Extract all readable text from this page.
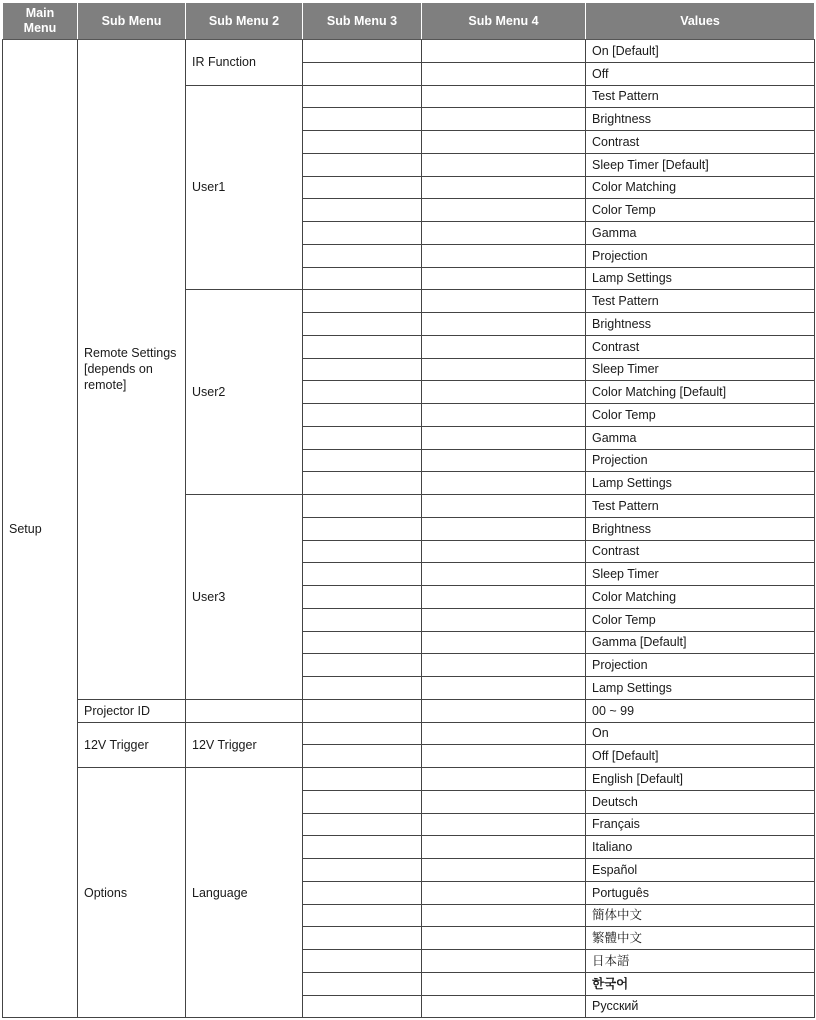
Main
Menu	Sub Menu	Sub Menu 2	Sub Menu 3	Sub Menu 4	Values
Setup	Remote Settings [depends on remote]	IR Function			On [Default]
					Off
		User1			Test Pattern
					Brightness
					Contrast
					Sleep Timer [Default]
					Color Matching
					Color Temp
					Gamma
					Projection
					Lamp Settings
		User2			Test Pattern
					Brightness
					Contrast
					Sleep Timer
					Color Matching [Default]
					Color Temp
					Gamma
					Projection
					Lamp Settings
		User3			Test Pattern
					Brightness
					Contrast
					Sleep Timer
					Color Matching
					Color Temp
					Gamma [Default]
					Projection
					Lamp Settings
	Projector ID				00 ~ 99
	12V Trigger	12V Trigger			On
					Off [Default]
	Options	Language			English [Default]
					Deutsch
					Français
					Italiano
					Español
					Português
					簡体中文
					繁體中文
					日本語
					한국어
					Русский
